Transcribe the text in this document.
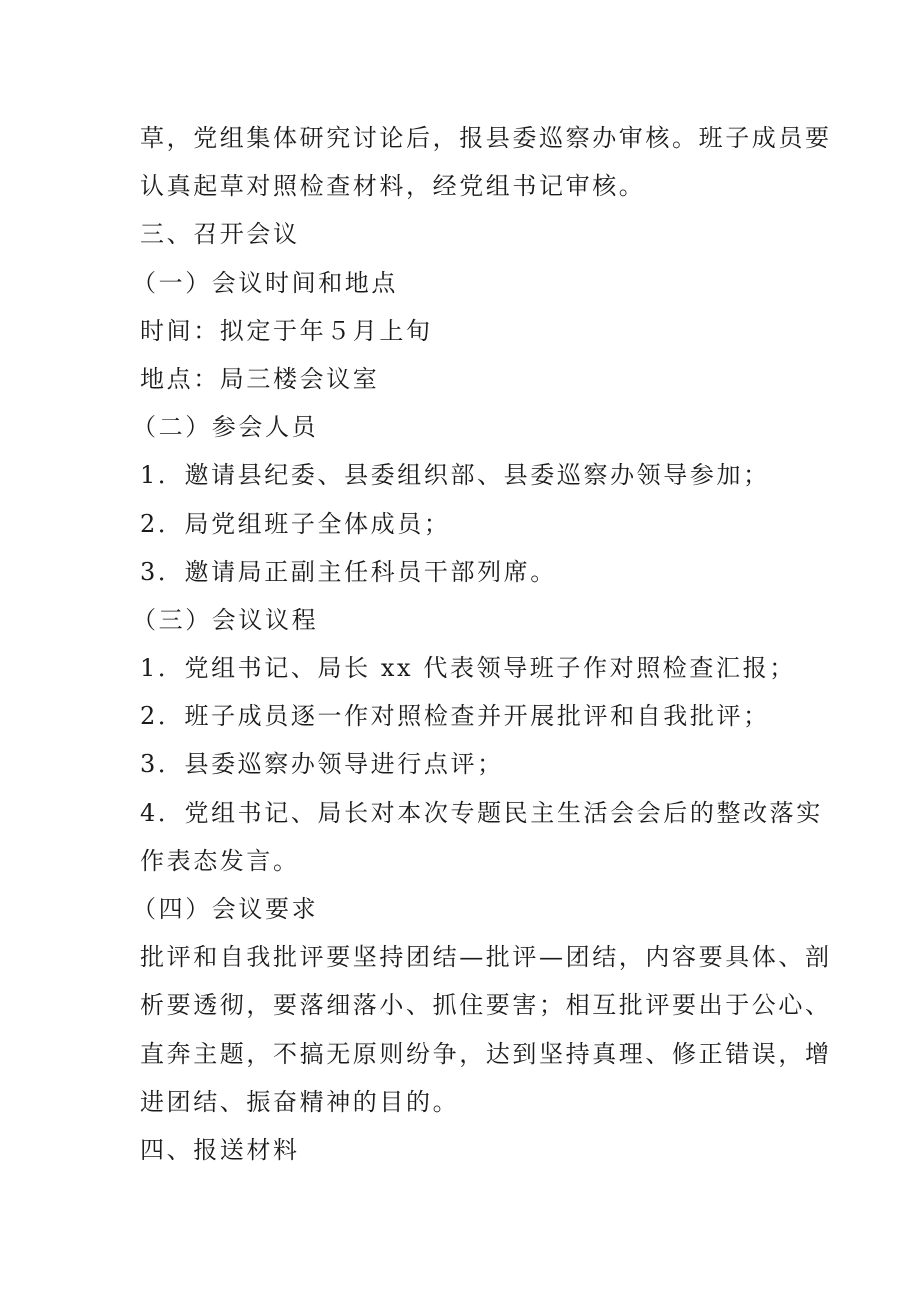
草，党组集体研究讨论后，报县委巡察办审核。班子成员要
认真起草对照检查材料，经党组书记审核。
三、召开会议
（一）会议时间和地点
时间：拟定于年５月上旬
地点：局三楼会议室
（二）参会人员
1．邀请县纪委、县委组织部、县委巡察办领导参加；
2．局党组班子全体成员；
3．邀请局正副主任科员干部列席。
（三）会议议程
1．党组书记、局长 xx 代表领导班子作对照检查汇报；
2．班子成员逐一作对照检查并开展批评和自我批评；
3．县委巡察办领导进行点评；
4．党组书记、局长对本次专题民主生活会会后的整改落实
作表态发言。
（四）会议要求
批评和自我批评要坚持团结—批评—团结，内容要具体、剖
析要透彻，要落细落小、抓住要害；相互批评要出于公心、
直奔主题，不搞无原则纷争，达到坚持真理、修正错误，增
进团结、振奋精神的目的。
四、报送材料
